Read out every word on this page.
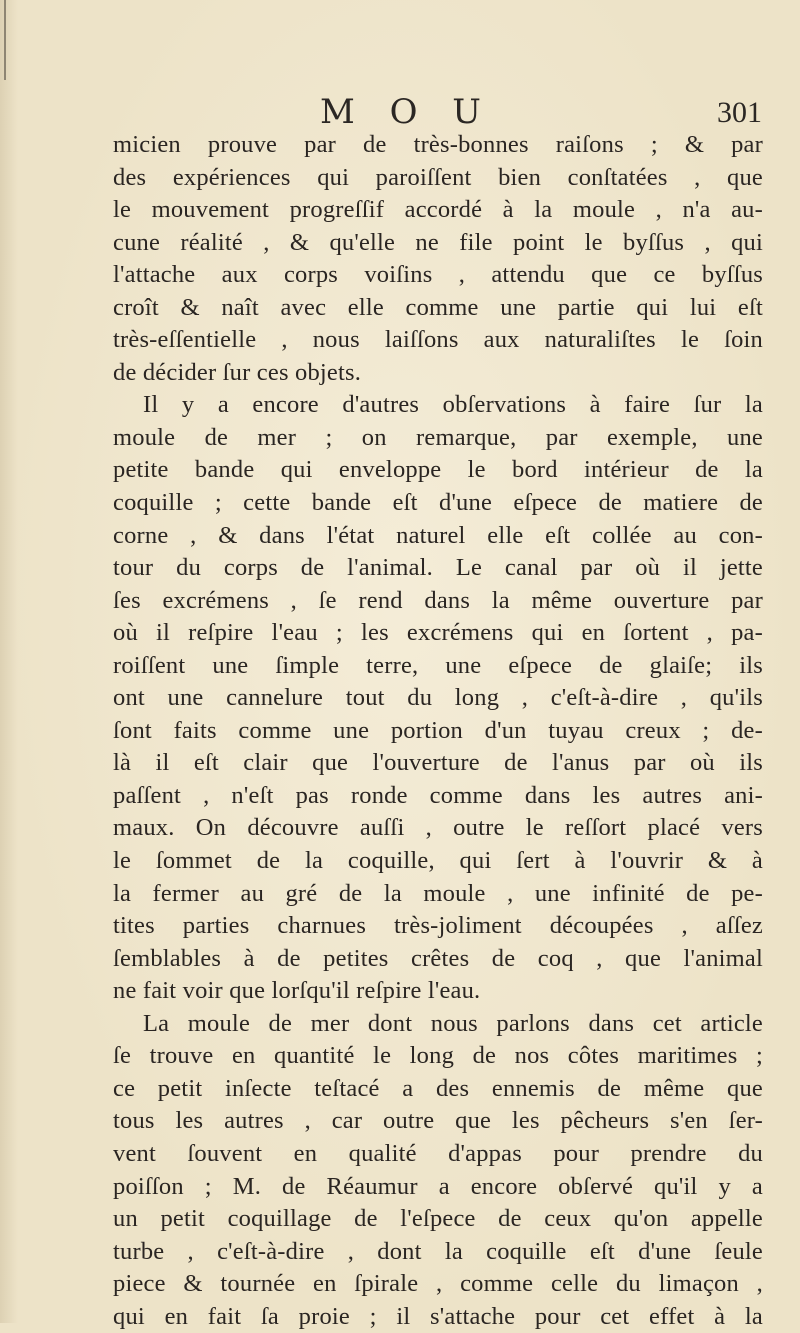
M O U	301
micien prouve par de très-bonnes raiſons ; & par
des expériences qui paroiſſent bien conſtatées , que
le mouvement progreſſif accordé à la moule , n'a au-
cune réalité , & qu'elle ne file point le byſſus , qui
l'attache aux corps voiſins , attendu que ce byſſus
croît & naît avec elle comme une partie qui lui eſt
très-eſſentielle , nous laiſſons aux naturaliſtes le ſoin
de décider ſur ces objets.
Il y a encore d'autres obſervations à faire ſur la
moule de mer ; on remarque, par exemple, une
petite bande qui enveloppe le bord intérieur de la
coquille ; cette bande eſt d'une eſpece de matiere de
corne , & dans l'état naturel elle eſt collée au con-
tour du corps de l'animal. Le canal par où il jette
ſes excrémens , ſe rend dans la même ouverture par
où il reſpire l'eau ; les excrémens qui en ſortent , pa-
roiſſent une ſimple terre, une eſpece de glaiſe; ils
ont une cannelure tout du long , c'eſt-à-dire , qu'ils
ſont faits comme une portion d'un tuyau creux ; de-
là il eſt clair que l'ouverture de l'anus par où ils
paſſent , n'eſt pas ronde comme dans les autres ani-
maux. On découvre auſſi , outre le reſſort placé vers
le ſommet de la coquille, qui ſert à l'ouvrir & à
la fermer au gré de la moule , une infinité de pe-
tites parties charnues très-joliment découpées , aſſez
ſemblables à de petites crêtes de coq , que l'animal
ne fait voir que lorſqu'il reſpire l'eau.
La moule de mer dont nous parlons dans cet article
ſe trouve en quantité le long de nos côtes maritimes ;
ce petit inſecte teſtacé a des ennemis de même que
tous les autres , car outre que les pêcheurs s'en ſer-
vent ſouvent en qualité d'appas pour prendre du
poiſſon ; M. de Réaumur a encore obſervé qu'il y a
un petit coquillage de l'eſpece de ceux qu'on appelle
turbe , c'eſt-à-dire , dont la coquille eſt d'une ſeule
piece & tournée en ſpirale , comme celle du limaçon ,
qui en fait ſa proie ; il s'attache pour cet effet à la
